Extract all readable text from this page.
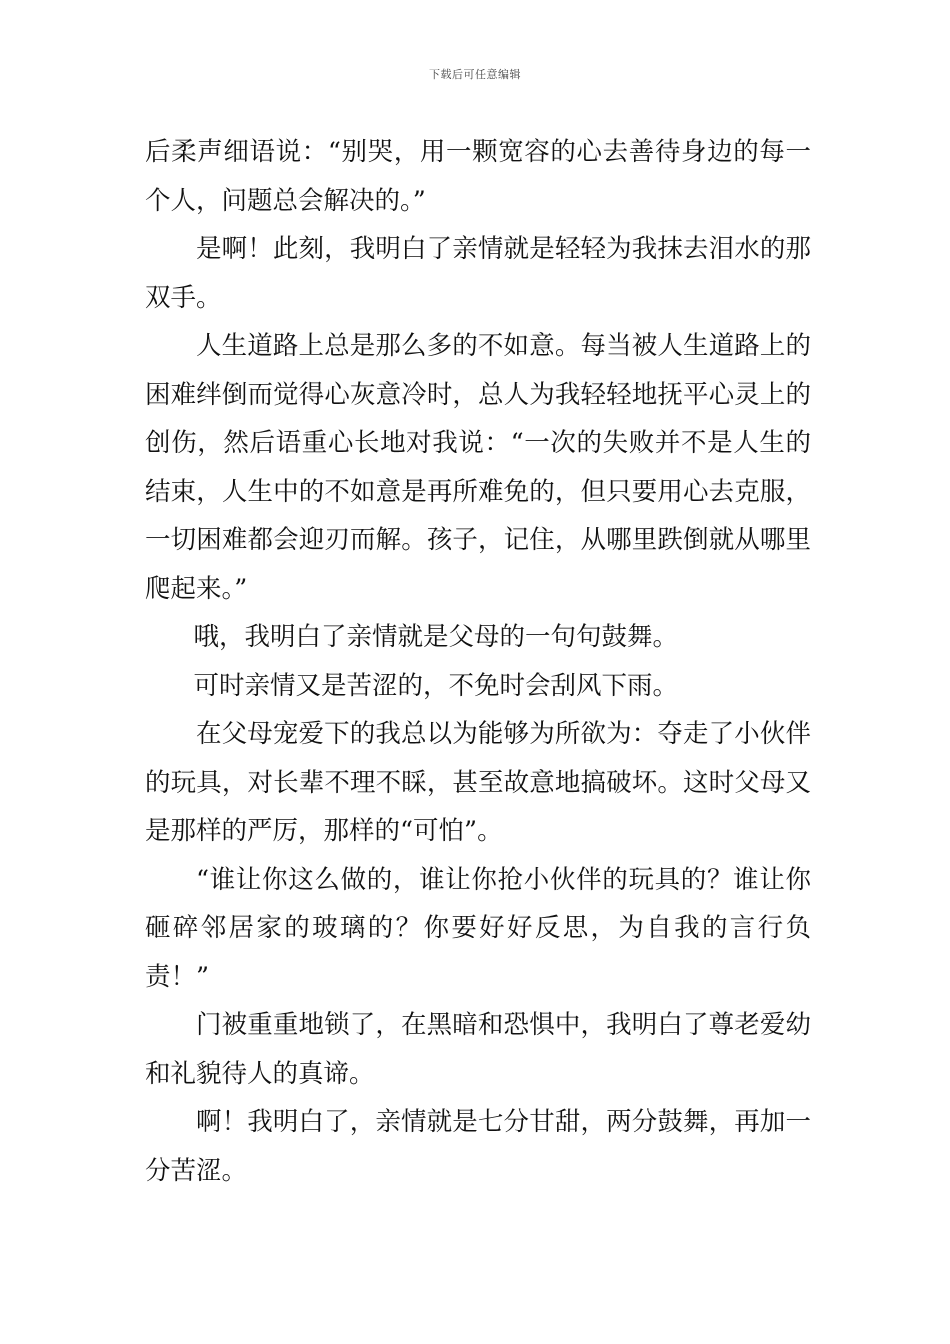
下载后可任意编辑

后柔声细语说：“别哭，用一颗宽容的心去善待身边的每一个人，问题总会解决的。”

是啊！此刻，我明白了亲情就是轻轻为我抹去泪水的那双手。

人生道路上总是那么多的不如意。每当被人生道路上的困难绊倒而觉得心灰意冷时，总人为我轻轻地抚平心灵上的创伤，然后语重心长地对我说：“一次的失败并不是人生的结束，人生中的不如意是再所难免的，但只要用心去克服，一切困难都会迎刃而解。孩子，记住，从哪里跌倒就从哪里爬起来。”

哦，我明白了亲情就是父母的一句句鼓舞。

可时亲情又是苦涩的，不免时会刮风下雨。

在父母宠爱下的我总以为能够为所欲为：夺走了小伙伴的玩具，对长辈不理不睬，甚至故意地搞破坏。这时父母又是那样的严厉，那样的“可怕”。

“谁让你这么做的，谁让你抢小伙伴的玩具的？谁让你砸碎邻居家的玻璃的？你要好好反思，为自我的言行负责！”

门被重重地锁了，在黑暗和恐惧中，我明白了尊老爱幼和礼貌待人的真谛。

啊！我明白了，亲情就是七分甘甜，两分鼓舞，再加一分苦涩。
